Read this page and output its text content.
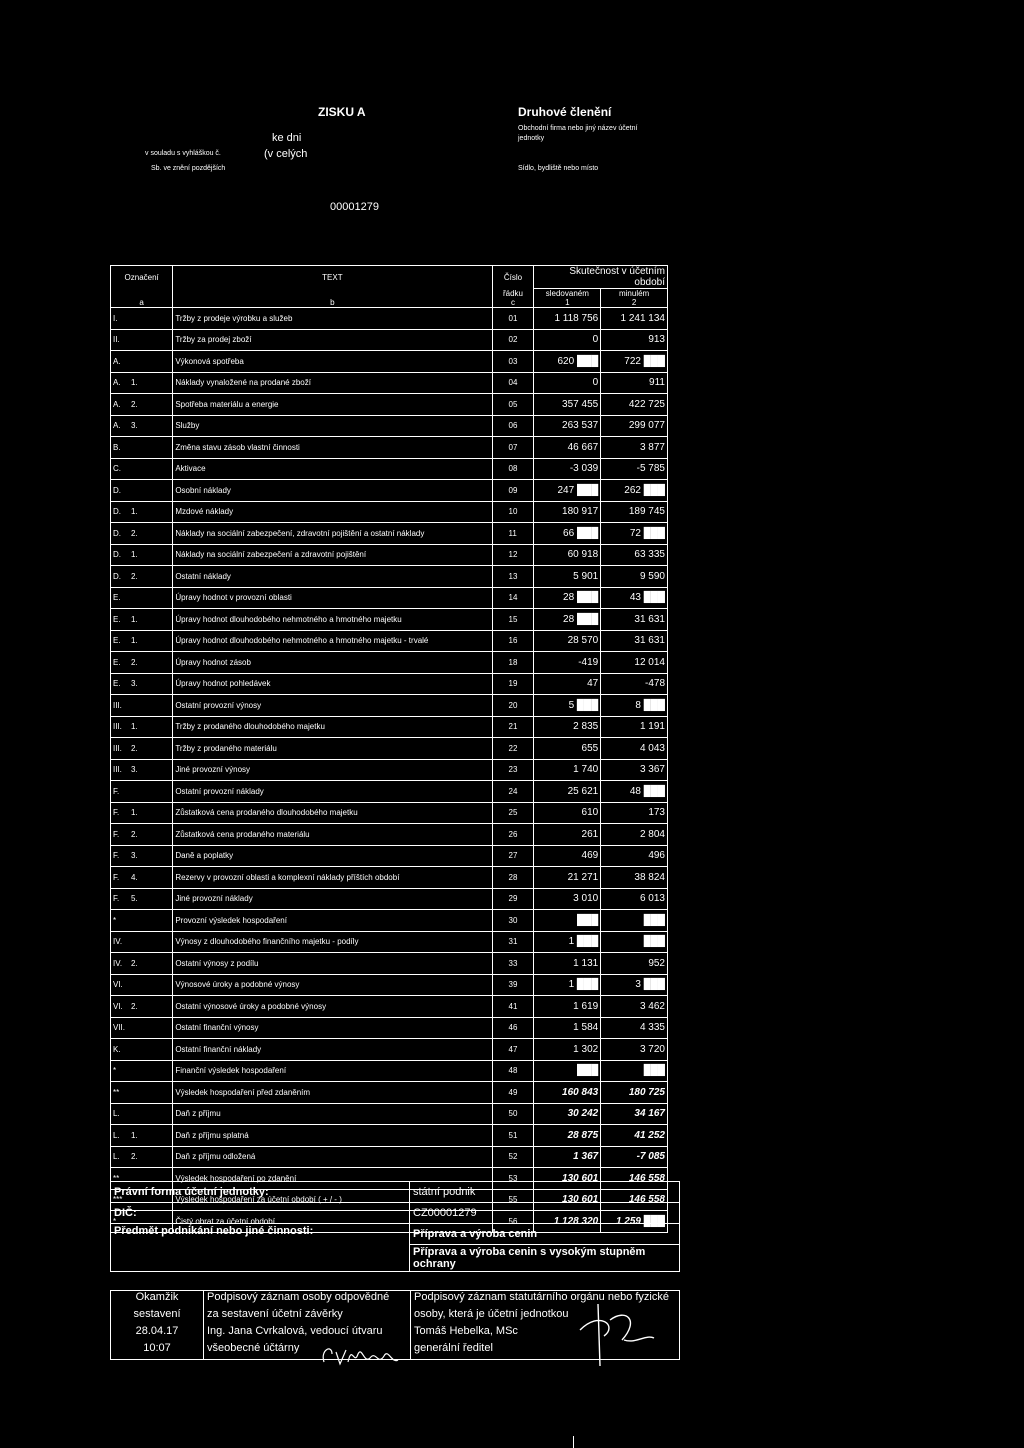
ZISKU A	Druhové členění
Obchodní firma nebo jiný název účetní
jednotky
ke dni
(v celých
v souladu s vyhláškou č.
Sb. ve znění pozdějších	Sídlo, bydliště nebo místo
00001279
Označení	TEXT	Číslo	Skutečnost v účetním období	
		řádku	sledovaném	minulém
a	b	c	1	2
I.	Tržby z prodeje výrobku a služeb	01	1 118 756	1 241 134
II.	Tržby za prodej zboží	02	0	913
A.	Výkonová spotřeba	03	620 ███	722 ███
A. 1.	Náklady vynaložené na prodané zboží	04	0	911
A. 2.	Spotřeba materiálu a energie	05	357 455	422 725
A. 3.	Služby	06	263 537	299 077
B.	Změna stavu zásob vlastní činnosti	07	46 667	3 877
C.	Aktivace	08	-3 039	-5 785
D.	Osobní náklady	09	247 ███	262 ███
D. 1.	Mzdové náklady	10	180 917	189 745
D. 2.	Náklady na sociální zabezpečení, zdravotní pojištění a ostatní náklady	11	66 ███	72 ███
D. 1.	Náklady na sociální zabezpečení a zdravotní pojištění	12	60 918	63 335
D. 2.	Ostatní náklady	13	5 901	9 590
E.	Úpravy hodnot v provozní oblasti	14	28 ███	43 ███
E. 1.	Úpravy hodnot dlouhodobého nehmotného a hmotného majetku	15	28 ███	31 631
E. 1.	Úpravy hodnot dlouhodobého nehmotného a hmotného majetku - trvalé	16	28 570	31 631
E. 2.	Úpravy hodnot zásob	18	-419	12 014
E. 3.	Úpravy hodnot pohledávek	19	47	-478
III.	Ostatní provozní výnosy	20	5 ███	8 ███
III. 1.	Tržby z prodaného dlouhodobého majetku	21	2 835	1 191
III. 2.	Tržby z prodaného materiálu	22	655	4 043
III. 3.	Jiné provozní výnosy	23	1 740	3 367
F.	Ostatní provozní náklady	24	25 621	48 ███
F. 1.	Zůstatková cena prodaného dlouhodobého majetku	25	610	173
F. 2.	Zůstatková cena prodaného materiálu	26	261	2 804
F. 3.	Daně a poplatky	27	469	496
F. 4.	Rezervy v provozní oblasti a komplexní náklady příštích období	28	21 271	38 824
F. 5.	Jiné provozní náklady	29	3 010	6 013
*	Provozní výsledek hospodaření	30	███	███
IV.	Výnosy z dlouhodobého finančního majetku - podíly	31	1 ███	███
IV. 2.	Ostatní výnosy z podílu	33	1 131	952
VI.	Výnosové úroky a podobné výnosy	39	1 ███	3 ███
VI. 2.	Ostatní výnosové úroky a podobné výnosy	41	1 619	3 462
VII.	Ostatní finanční výnosy	46	1 584	4 335
K.	Ostatní finanční náklady	47	1 302	3 720
*	Finanční výsledek hospodaření	48	███	███
**	Výsledek hospodaření před zdaněním	49	160 843	180 725
L.	Daň z příjmu	50	30 242	34 167
L. 1.	Daň z příjmu splatná	51	28 875	41 252
L. 2.	Daň z příjmu odložená	52	1 367	-7 085
**	Výsledek hospodaření po zdanění	53	130 601	146 558
***	Výsledek hospodaření za účetní období ( + / - )	55	130 601	146 558
*	Čistý obrat za účetní období	56	1 128 320	1 259 ███
Právní forma účetní jednotky:	státní podnik
DIČ:	CZ00001279
Předmět podnikání nebo jiné činnosti:	Příprava a výroba cenin
	Příprava a výroba cenin s vysokým stupněm ochrany
Okamžik	Podpisový záznam osoby odpovědné	Podpisový záznam statutárního orgánu nebo fyzické
sestavení	za sestavení účetní závěrky	osoby, která je účetní jednotkou
28.04.17	Ing. Jana Cvrkalová, vedoucí útvaru	Tomáš Hebelka, MSc
10:07	všeobecné účtárny	generální ředitel
